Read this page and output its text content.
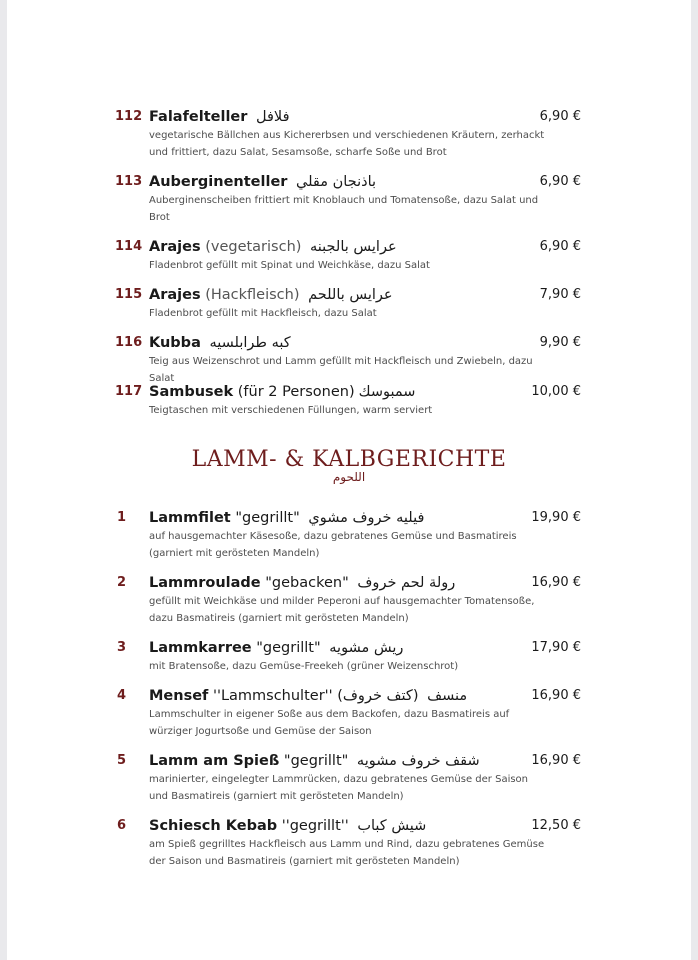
112 Falafelteller فلافل	6,90 €
vegetarische Bällchen aus Kichererbsen und verschiedenen Kräutern, zerhackt und frittiert, dazu Salat, Sesamsoße, scharfe Soße und Brot
113 Auberginenteller باذنجان مقلي	6,90 €
Auberginenscheiben frittiert mit Knoblauch und Tomatensoße, dazu Salat und Brot
114 Arajes (vegetarisch) عرايس بالجبنه	6,90 €
Fladenbrot gefüllt mit Spinat und Weichkäse, dazu Salat
115 Arajes (Hackfleisch) عرايس باللحم	7,90 €
Fladenbrot gefüllt mit Hackfleisch, dazu Salat
116 Kubba كبه طرابلسيه	9,90 €
Teig aus Weizenschrot und Lamm gefüllt mit Hackfleisch und Zwiebeln, dazu Salat
117 Sambusek (für 2 Personen) سمبوسك	10,00 €
Teigtaschen mit verschiedenen Füllungen, warm serviert
LAMM- & KALBGERICHTE
اللحوم
1 Lammfilet "gegrillt" فيليه خروف مشوي	19,90 €
auf hausgemachter Käsesoße, dazu gebratenes Gemüse und Basmatireis (garniert mit gerösteten Mandeln)
2 Lammroulade "gebacken" رولة لحم خروف	16,90 €
gefüllt mit Weichkäse und milder Peperoni auf hausgemachter Tomatensoße, dazu Basmatireis (garniert mit gerösteten Mandeln)
3 Lammkarree "gegrillt" ريش مشويه	17,90 €
mit Bratensoße, dazu Gemüse-Freekeh (grüner Weizenschrot)
4 Mensef ''Lammschulter'' (كتف خروف) منسف	16,90 €
Lammschulter in eigener Soße aus dem Backofen, dazu Basmatireis auf würziger Jogurtsoße und Gemüse der Saison
5 Lamm am Spieß "gegrillt" شقف خروف مشويه	16,90 €
marinierter, eingelegter Lammrücken, dazu gebratenes Gemüse der Saison und Basmatireis (garniert mit gerösteten Mandeln)
6 Schiesch Kebab ''gegrillt'' شيش كباب	12,50 €
am Spieß gegrilltes Hackfleisch aus Lamm und Rind, dazu gebratenes Gemüse der Saison und Basmatireis (garniert mit gerösteten Mandeln)
